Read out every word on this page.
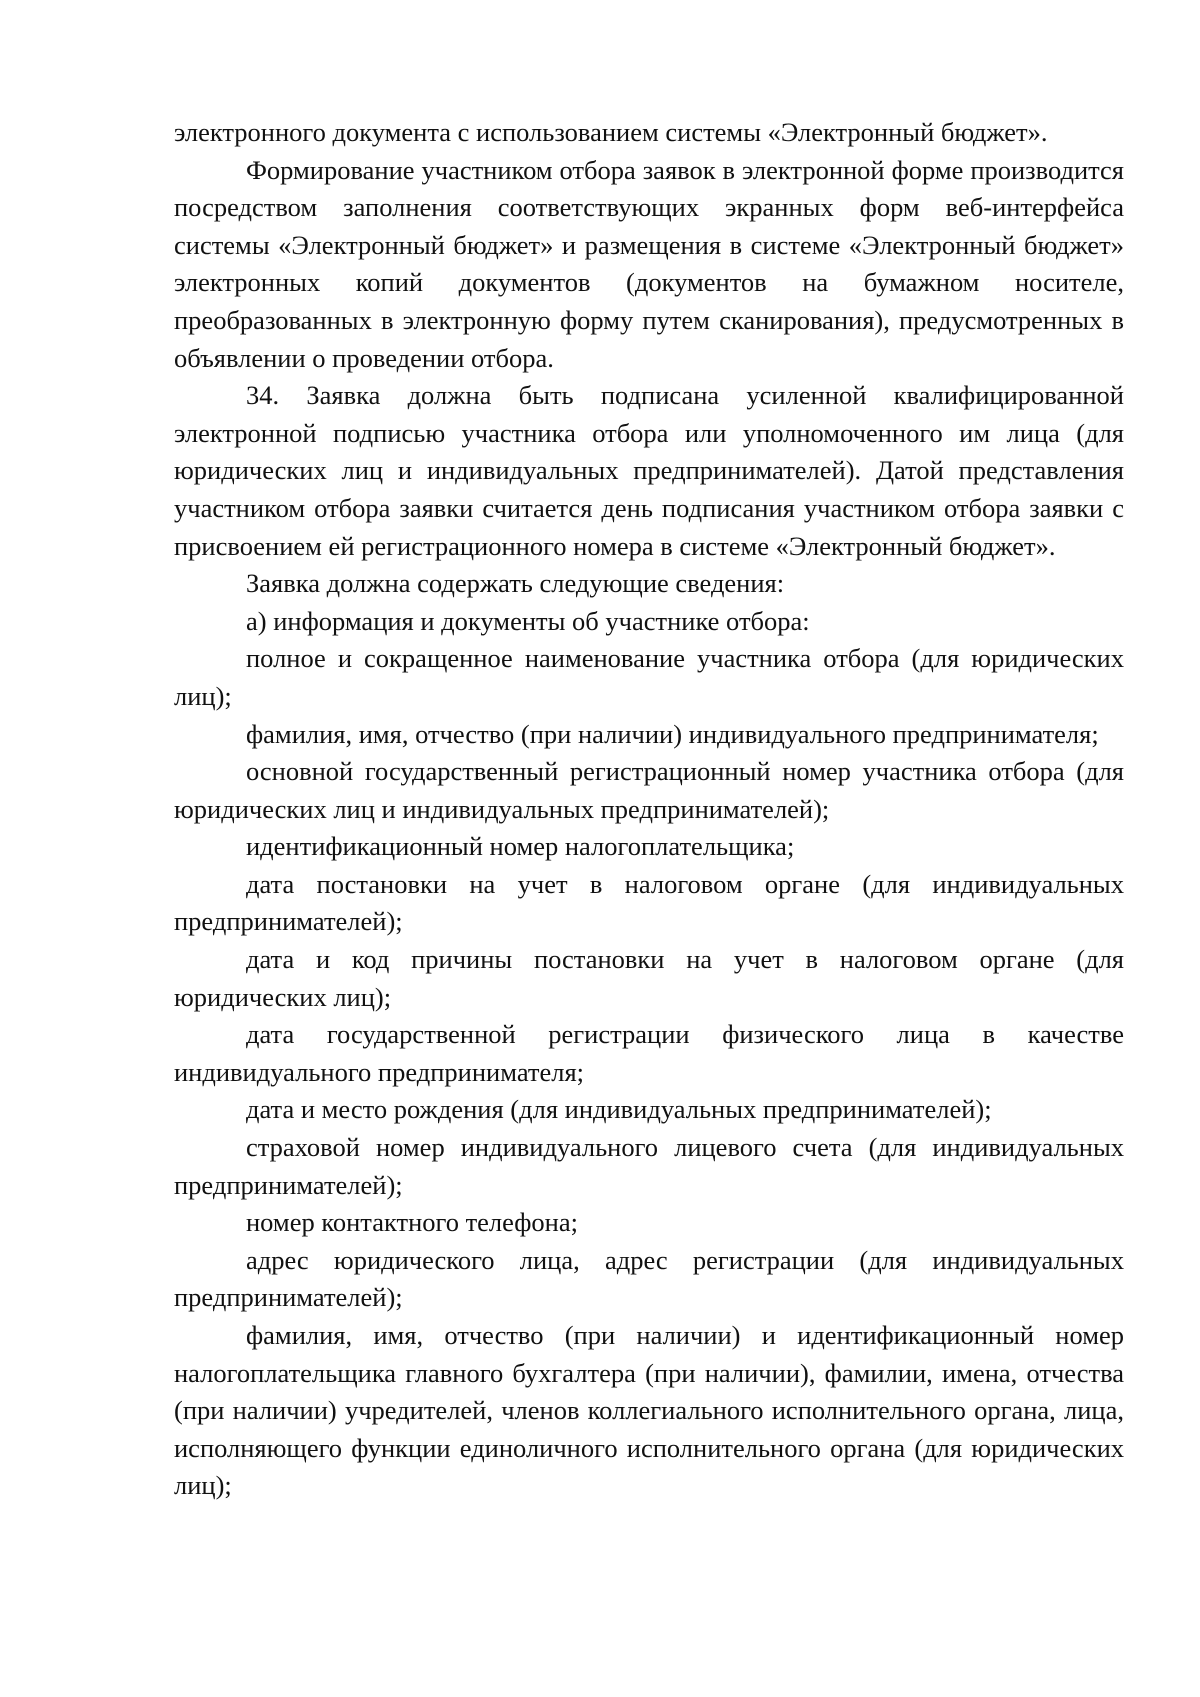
электронного документа с использованием системы «Электронный бюджет».

Формирование участником отбора заявок в электронной форме производится посредством заполнения соответствующих экранных форм веб-интерфейса системы «Электронный бюджет» и размещения в системе «Электронный бюджет» электронных копий документов (документов на бумажном носителе, преобразованных в электронную форму путем сканирования), предусмотренных в объявлении о проведении отбора.

34. Заявка должна быть подписана усиленной квалифицированной электронной подписью участника отбора или уполномоченного им лица (для юридических лиц и индивидуальных предпринимателей). Датой представления участником отбора заявки считается день подписания участником отбора заявки с присвоением ей регистрационного номера в системе «Электронный бюджет».

Заявка должна содержать следующие сведения:

а) информация и документы об участнике отбора:

полное и сокращенное наименование участника отбора (для юридических лиц);

фамилия, имя, отчество (при наличии) индивидуального предпринимателя;

основной государственный регистрационный номер участника отбора (для юридических лиц и индивидуальных предпринимателей);

идентификационный номер налогоплательщика;

дата постановки на учет в налоговом органе (для индивидуальных предпринимателей);

дата и код причины постановки на учет в налоговом органе (для юридических лиц);

дата государственной регистрации физического лица в качестве индивидуального предпринимателя;

дата и место рождения (для индивидуальных предпринимателей);

страховой номер индивидуального лицевого счета (для индивидуальных предпринимателей);

номер контактного телефона;

адрес юридического лица, адрес регистрации (для индивидуальных предпринимателей);

фамилия, имя, отчество (при наличии) и идентификационный номер налогоплательщика главного бухгалтера (при наличии), фамилии, имена, отчества (при наличии) учредителей, членов коллегиального исполнительного органа, лица, исполняющего функции единоличного исполнительного органа (для юридических лиц);
